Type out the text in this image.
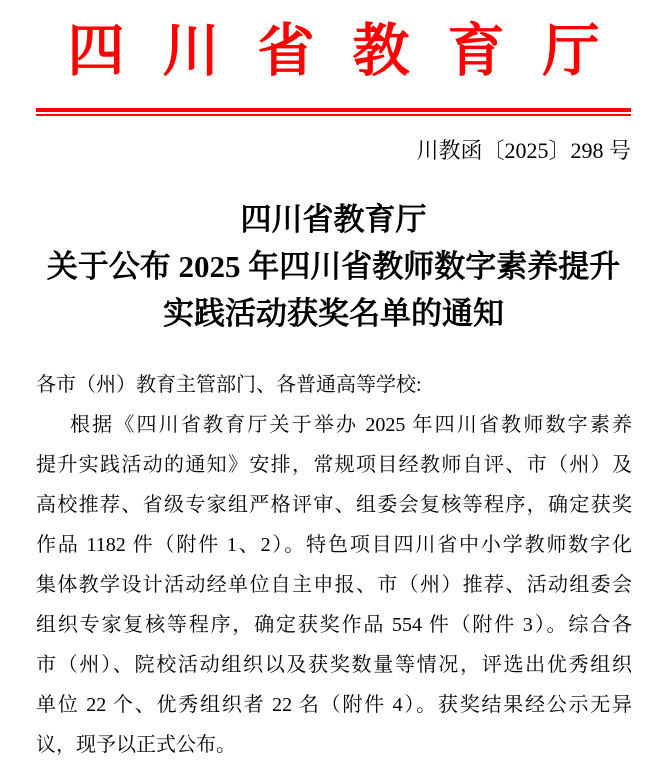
四川省教育厅
川教函〔2025〕298 号
四川省教育厅
关于公布 2025 年四川省教师数字素养提升
实践活动获奖名单的通知
各市（州）教育主管部门、各普通高等学校:
根据《四川省教育厅关于举办 2025 年四川省教师数字素养
提升实践活动的通知》安排，常规项目经教师自评、市（州）及
高校推荐、省级专家组严格评审、组委会复核等程序，确定获奖
作品 1182 件（附件 1、2）。特色项目四川省中小学教师数字化
集体教学设计活动经单位自主申报、市（州）推荐、活动组委会
组织专家复核等程序，确定获奖作品 554 件（附件 3）。综合各
市（州）、院校活动组织以及获奖数量等情况，评选出优秀组织
单位 22 个、优秀组织者 22 名（附件 4）。获奖结果经公示无异
议，现予以正式公布。
